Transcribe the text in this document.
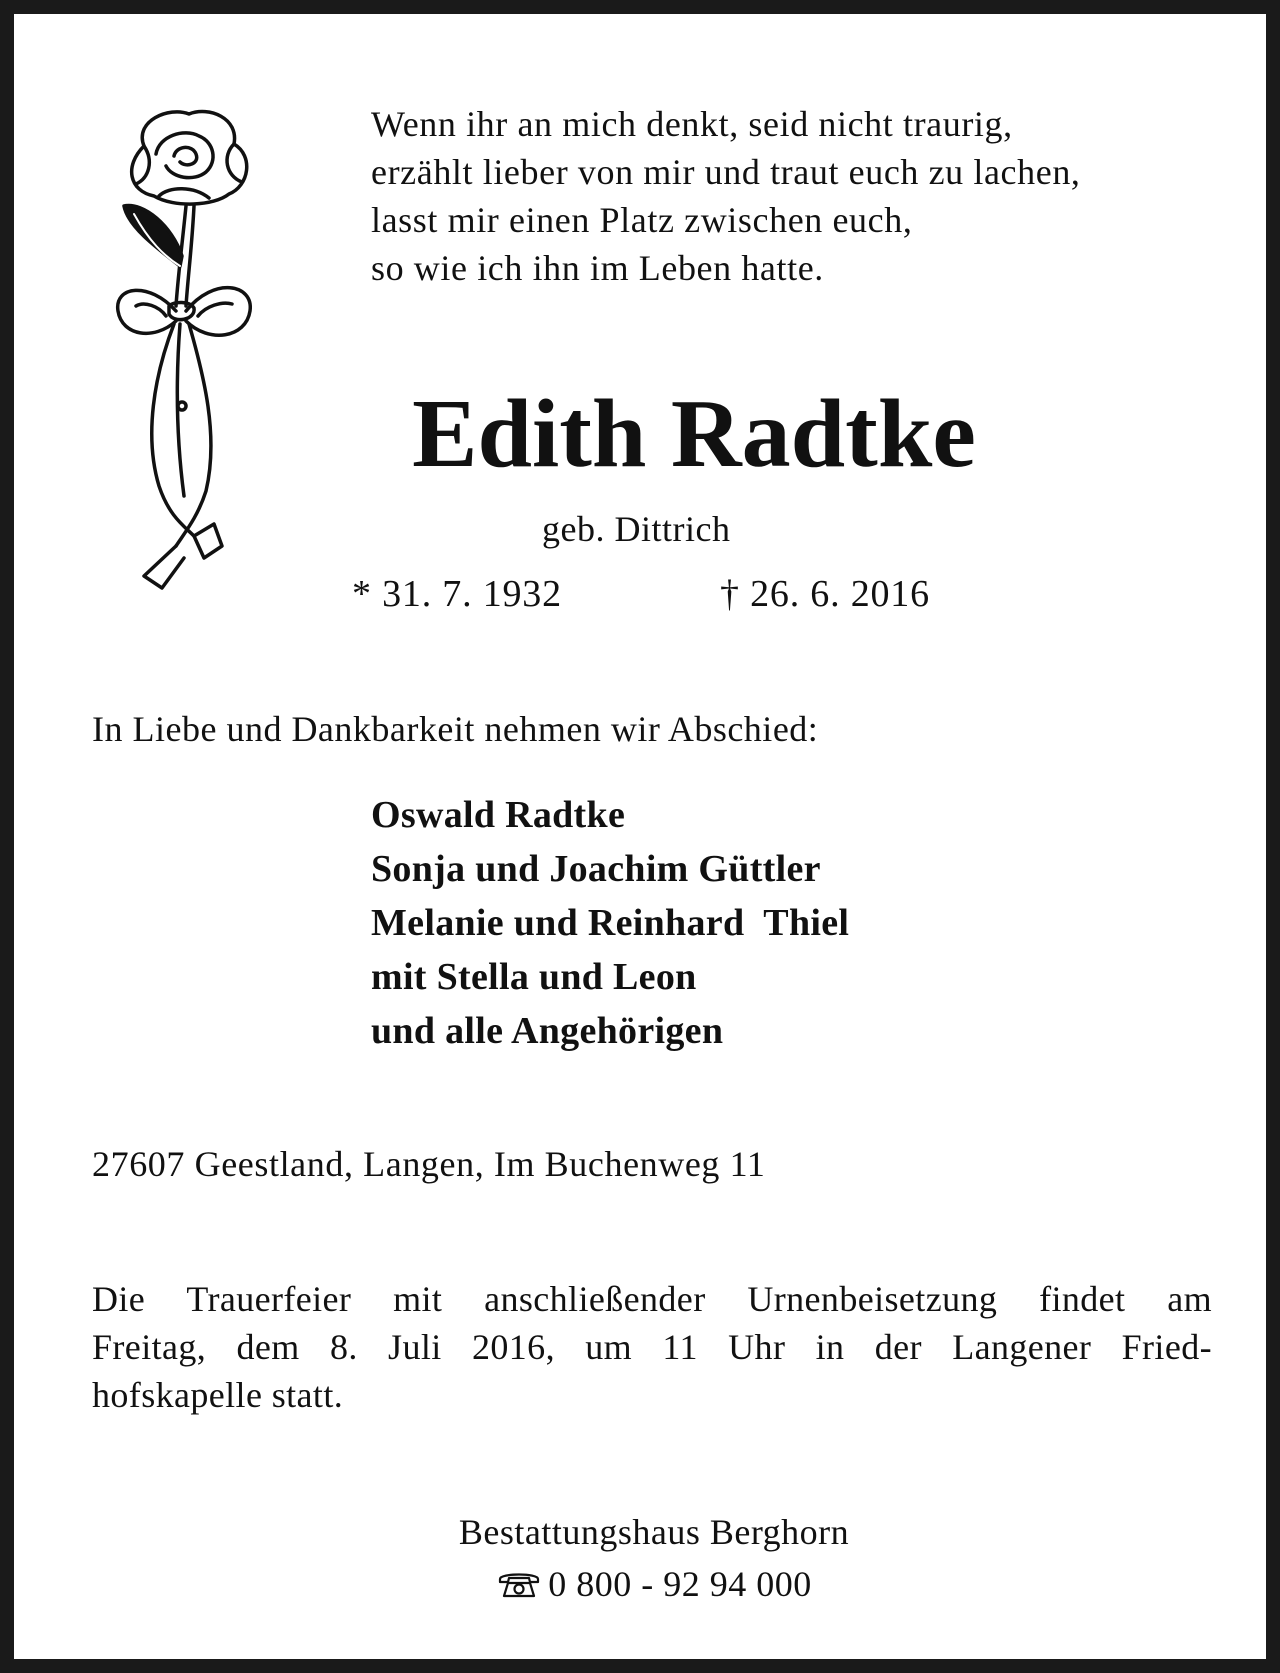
Wenn ihr an mich denkt, seid nicht traurig,
erzählt lieber von mir und traut euch zu lachen,
lasst mir einen Platz zwischen euch,
so wie ich ihn im Leben hatte.
Edith Radtke
geb. Dittrich
* 31. 7. 1932	† 26. 6. 2016
In Liebe und Dankbarkeit nehmen wir Abschied:
Oswald Radtke
Sonja und Joachim Güttler
Melanie und Reinhard  Thiel
mit Stella und Leon
und alle Angehörigen
27607 Geestland, Langen, Im Buchenweg 11
Die Trauerfeier mit anschließender Urnenbeisetzung findet am
Freitag, dem 8. Juli 2016, um 11 Uhr in der Langener Fried-
hofskapelle statt.
Bestattungshaus Berghorn
0 800 - 92 94 000
